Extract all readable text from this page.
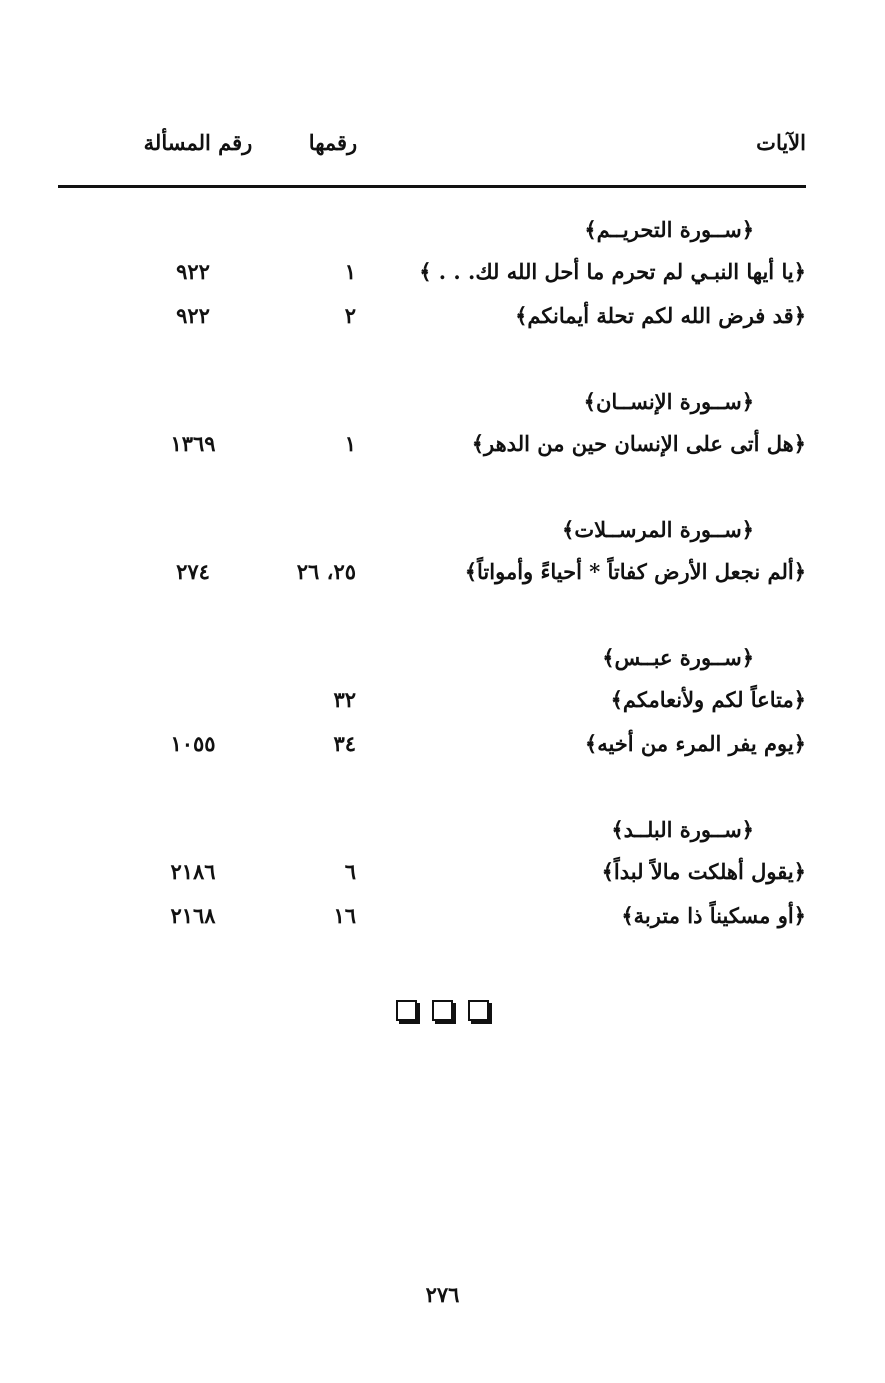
الآيات
رقمها
رقم المسألة
﴿ســورة التحريــم﴾
﴿يا أيها النبـي لم تحرم ما أحل الله لك. . . ﴾
١
٩٢٢
﴿قد فرض الله لكم تحلة أيمانكم﴾
٢
٩٢٢
﴿ســورة الإنســان﴾
﴿هل أتى على الإنسان حين من الدهر﴾
١
١٣٦٩
﴿ســورة المرســلات﴾
﴿ألم نجعل الأرض كفاتاً * أحياءً وأمواتاً﴾
٢٥، ٢٦
٢٧٤
﴿ســورة عبــس﴾
﴿متاعاً لكم ولأنعامكم﴾
٣٢
﴿يوم يفر المرء من أخيه﴾
٣٤
١٠٥٥
﴿ســورة البلــد﴾
﴿يقول أهلكت مالاً لبداً﴾
٦
٢١٨٦
﴿أو مسكيناً ذا متربة﴾
١٦
٢١٦٨

٢٧٦
